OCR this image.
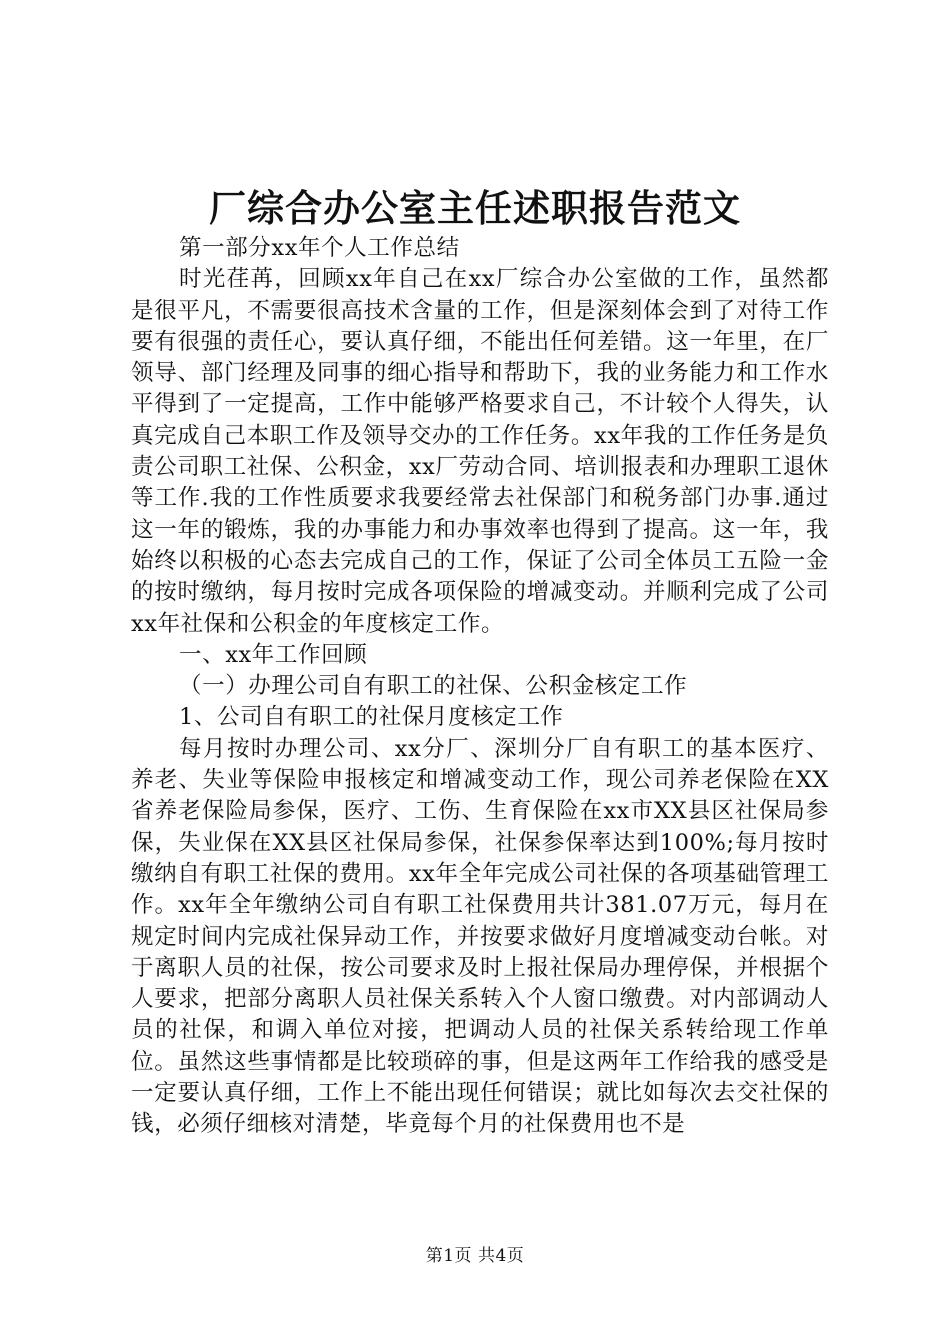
厂综合办公室主任述职报告范文

第一部分xx年个人工作总结

时光荏苒，回顾xx年自己在xx厂综合办公室做的工作，虽然都是很平凡，不需要很高技术含量的工作，但是深刻体会到了对待工作要有很强的责任心，要认真仔细，不能出任何差错。这一年里，在厂领导、部门经理及同事的细心指导和帮助下，我的业务能力和工作水平得到了一定提高，工作中能够严格要求自己，不计较个人得失，认真完成自己本职工作及领导交办的工作任务。xx年我的工作任务是负责公司职工社保、公积金，xx厂劳动合同、培训报表和办理职工退休等工作.我的工作性质要求我要经常去社保部门和税务部门办事.通过这一年的锻炼，我的办事能力和办事效率也得到了提高。这一年，我始终以积极的心态去完成自己的工作，保证了公司全体员工五险一金的按时缴纳，每月按时完成各项保险的增减变动。并顺利完成了公司xx年社保和公积金的年度核定工作。

一、xx年工作回顾

（一）办理公司自有职工的社保、公积金核定工作

1、公司自有职工的社保月度核定工作

每月按时办理公司、xx分厂、深圳分厂自有职工的基本医疗、养老、失业等保险申报核定和增减变动工作，现公司养老保险在XX省养老保险局参保，医疗、工伤、生育保险在xx市XX县区社保局参保，失业保在XX县区社保局参保，社保参保率达到100%;每月按时缴纳自有职工社保的费用。xx年全年完成公司社保的各项基础管理工作。xx年全年缴纳公司自有职工社保费用共计381.07万元，每月在规定时间内完成社保异动工作，并按要求做好月度增减变动台帐。对于离职人员的社保，按公司要求及时上报社保局办理停保，并根据个人要求，把部分离职人员社保关系转入个人窗口缴费。对内部调动人员的社保，和调入单位对接，把调动人员的社保关系转给现工作单位。虽然这些事情都是比较琐碎的事，但是这两年工作给我的感受是一定要认真仔细，工作上不能出现任何错误；就比如每次去交社保的钱，必须仔细核对清楚，毕竟每个月的社保费用也不是

第1页 共4页
